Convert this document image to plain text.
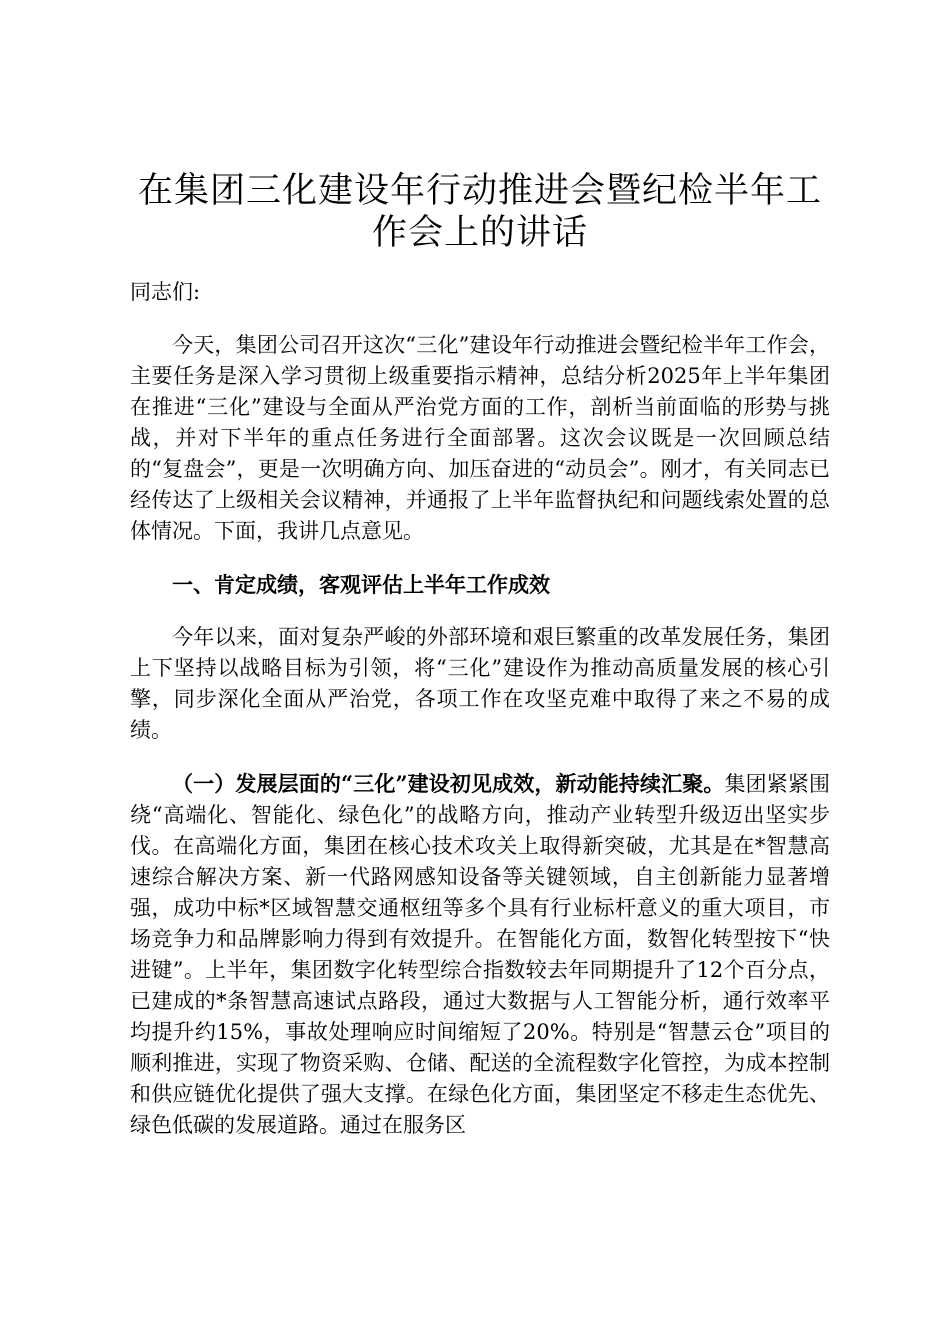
在集团三化建设年行动推进会暨纪检半年工作会上的讲话

同志们:

今天，集团公司召开这次“三化”建设年行动推进会暨纪检半年工作会，主要任务是深入学习贯彻上级重要指示精神，总结分析2025年上半年集团在推进“三化”建设与全面从严治党方面的工作，剖析当前面临的形势与挑战，并对下半年的重点任务进行全面部署。这次会议既是一次回顾总结的“复盘会”，更是一次明确方向、加压奋进的“动员会”。刚才，有关同志已经传达了上级相关会议精神，并通报了上半年监督执纪和问题线索处置的总体情况。下面，我讲几点意见。

一、肯定成绩，客观评估上半年工作成效

今年以来，面对复杂严峻的外部环境和艰巨繁重的改革发展任务，集团上下坚持以战略目标为引领，将“三化”建设作为推动高质量发展的核心引擎，同步深化全面从严治党，各项工作在攻坚克难中取得了来之不易的成绩。

（一）发展层面的“三化”建设初见成效，新动能持续汇聚。集团紧紧围绕“高端化、智能化、绿色化”的战略方向，推动产业转型升级迈出坚实步伐。在高端化方面，集团在核心技术攻关上取得新突破，尤其是在*智慧高速综合解决方案、新一代路网感知设备等关键领域，自主创新能力显著增强，成功中标*区域智慧交通枢纽等多个具有行业标杆意义的重大项目，市场竞争力和品牌影响力得到有效提升。在智能化方面，数智化转型按下“快进键”。上半年，集团数字化转型综合指数较去年同期提升了12个百分点，已建成的*条智慧高速试点路段，通过大数据与人工智能分析，通行效率平均提升约15%，事故处理响应时间缩短了20%。特别是“智慧云仓”项目的顺利推进，实现了物资采购、仓储、配送的全流程数字化管控，为成本控制和供应链优化提供了强大支撑。在绿色化方面，集团坚定不移走生态优先、绿色低碳的发展道路。通过在服务区
